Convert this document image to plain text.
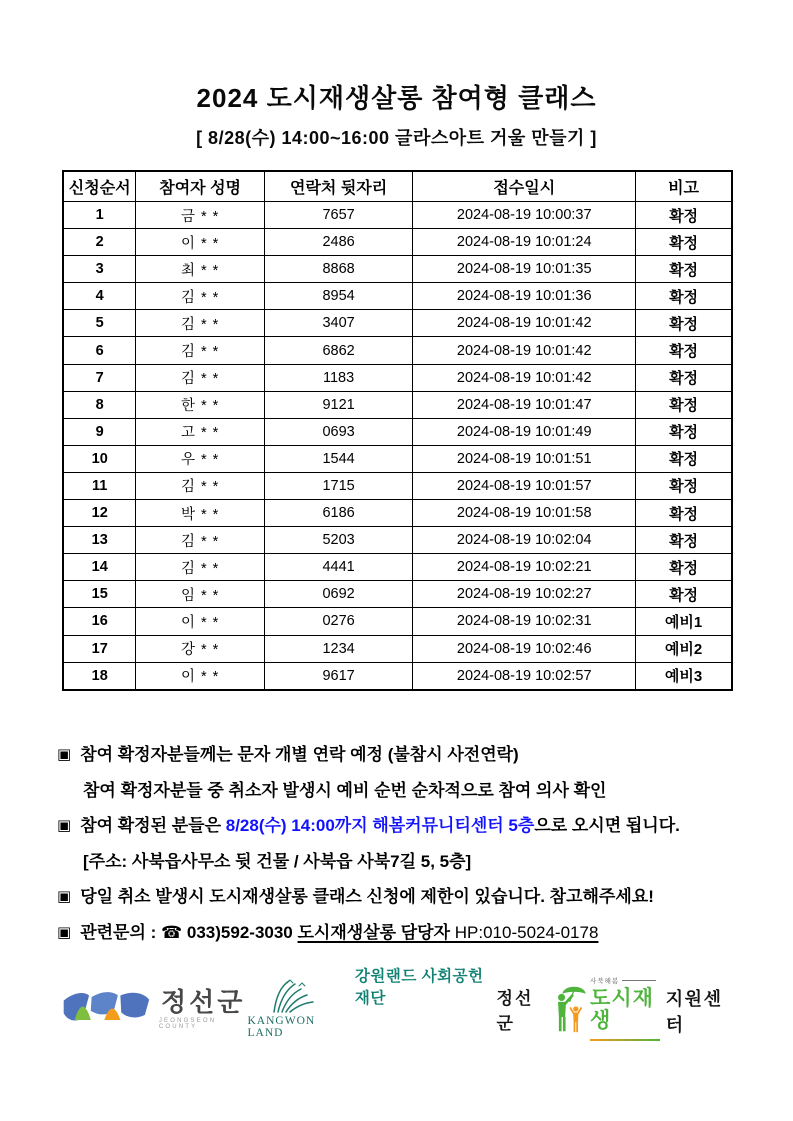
2024 도시재생살롱 참여형 클래스
[ 8/28(수) 14:00~16:00 글라스아트 거울 만들기 ]
신청순서	참여자 성명	연락처 뒷자리	접수일시	비고
1	금 * *	7657	2024-08-19 10:00:37	확정
2	이 * *	2486	2024-08-19 10:01:24	확정
3	최 * *	8868	2024-08-19 10:01:35	확정
4	김 * *	8954	2024-08-19 10:01:36	확정
5	김 * *	3407	2024-08-19 10:01:42	확정
6	김 * *	6862	2024-08-19 10:01:42	확정
7	김 * *	1183	2024-08-19 10:01:42	확정
8	한 * *	9121	2024-08-19 10:01:47	확정
9	고 * *	0693	2024-08-19 10:01:49	확정
10	우 * *	1544	2024-08-19 10:01:51	확정
11	김 * *	1715	2024-08-19 10:01:57	확정
12	박 * *	6186	2024-08-19 10:01:58	확정
13	김 * *	5203	2024-08-19 10:02:04	확정
14	김 * *	4441	2024-08-19 10:02:21	확정
15	임 * *	0692	2024-08-19 10:02:27	확정
16	이 * *	0276	2024-08-19 10:02:31	예비1
17	강 * *	1234	2024-08-19 10:02:46	예비2
18	이 * *	9617	2024-08-19 10:02:57	예비3
▣ 참여 확정자분들께는 문자 개별 연락 예정 (불참시 사전연락)
참여 확정자분들 중 취소자 발생시 예비 순번 순차적으로 참여 의사 확인
▣ 참여 확정된 분들은 8/28(수) 14:00까지 해봄커뮤니티센터 5층으로 오시면 됩니다.
[주소: 사북읍사무소 뒷 건물 / 사북읍 사북7길 5, 5층]
▣ 당일 취소 발생시 도시재생살롱 클래스 신청에 제한이 있습니다. 참고해주세요!
▣ 관련문의 : ☎ 033)592-3030 도시재생살롱 담당자 HP:010-5024-0178
정선군
JEONGSEON COUNTY	KANGWON LAND
강원랜드 사회공헌재단	정선군
사북해봄
도시재생
지원센터
